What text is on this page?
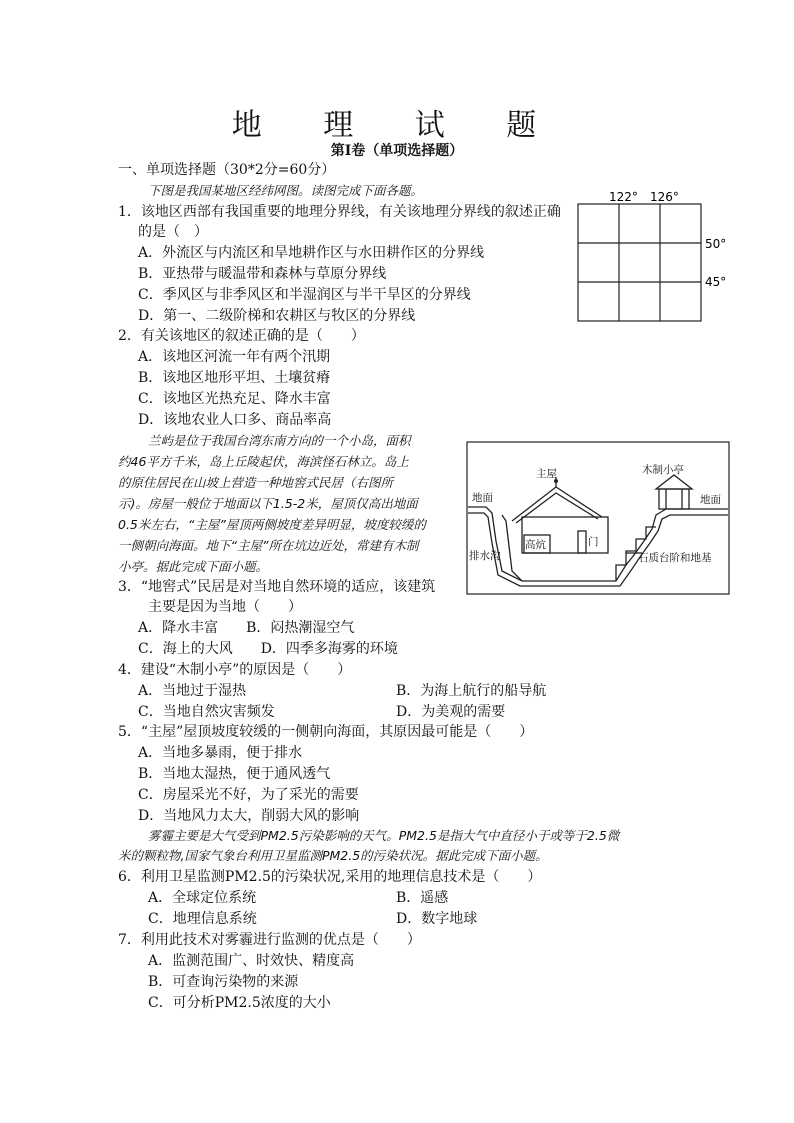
地 理 试 题
第Ⅰ卷（单项选择题）
一、单项选择题（30*2分=60分）
下图是我国某地区经纬网图。读图完成下面各题。
1．该地区西部有我国重要的地理分界线，有关该地理分界线的叙述正确
的是（　）
A．外流区与内流区和旱地耕作区与水田耕作区的分界线
B．亚热带与暖温带和森林与草原分界线
C．季风区与非季风区和半湿润区与半干旱区的分界线
D．第一、二级阶梯和农耕区与牧区的分界线
122° 126°
50°
45°
2．有关该地区的叙述正确的是（　　）
A．该地区河流一年有两个汛期
B．该地区地形平坦、土壤贫瘠
C．该地区光热充足、降水丰富
D．该地农业人口多、商品率高
兰屿是位于我国台湾东南方向的一个小岛，面积
约46平方千米，岛上丘陵起伏，海滨怪石林立。岛上
的原住居民在山坡上营造一种地窖式民居（右图所
示)。房屋一般位于地面以下1.5-2米，屋顶仅高出地面
0.5米左右，“主屋”屋顶两侧坡度差异明显，坡度较缓的
一侧朝向海面。地下“主屋”所在坑边近处，常建有木制
小亭。据此完成下面小题。
木制小亭
主屋
地面	地面
高炕	门
排水沟	石质台阶和地基
3．“地窖式”民居是对当地自然环境的适应，该建筑
主要是因为当地（　　）
A．降水丰富　　B．闷热潮湿空气
C．海上的大风　　D．四季多海雾的环境
4．建设“木制小亭”的原因是（　　）
A．当地过于湿热	B．为海上航行的船导航
C．当地自然灾害频发	D．为美观的需要
5．“主屋”屋顶坡度较缓的一侧朝向海面，其原因最可能是（　　）
A．当地多暴雨，便于排水
B．当地太湿热，便于通风透气
C．房屋采光不好，为了采光的需要
D．当地风力太大，削弱大风的影响
雾霾主要是大气受到PM2.5污染影响的天气。PM2.5是指大气中直径小于或等于2.5微
米的颗粒物,国家气象台利用卫星监测PM2.5的污染状况。据此完成下面小题。
6．利用卫星监测PM2.5的污染状况,采用的地理信息技术是（　　）
A．全球定位系统	B．遥感
C．地理信息系统	D．数字地球
7．利用此技术对雾霾进行监测的优点是（　　）
A．监测范围广、时效快、精度高
B．可查询污染物的来源
C．可分析PM2.5浓度的大小
